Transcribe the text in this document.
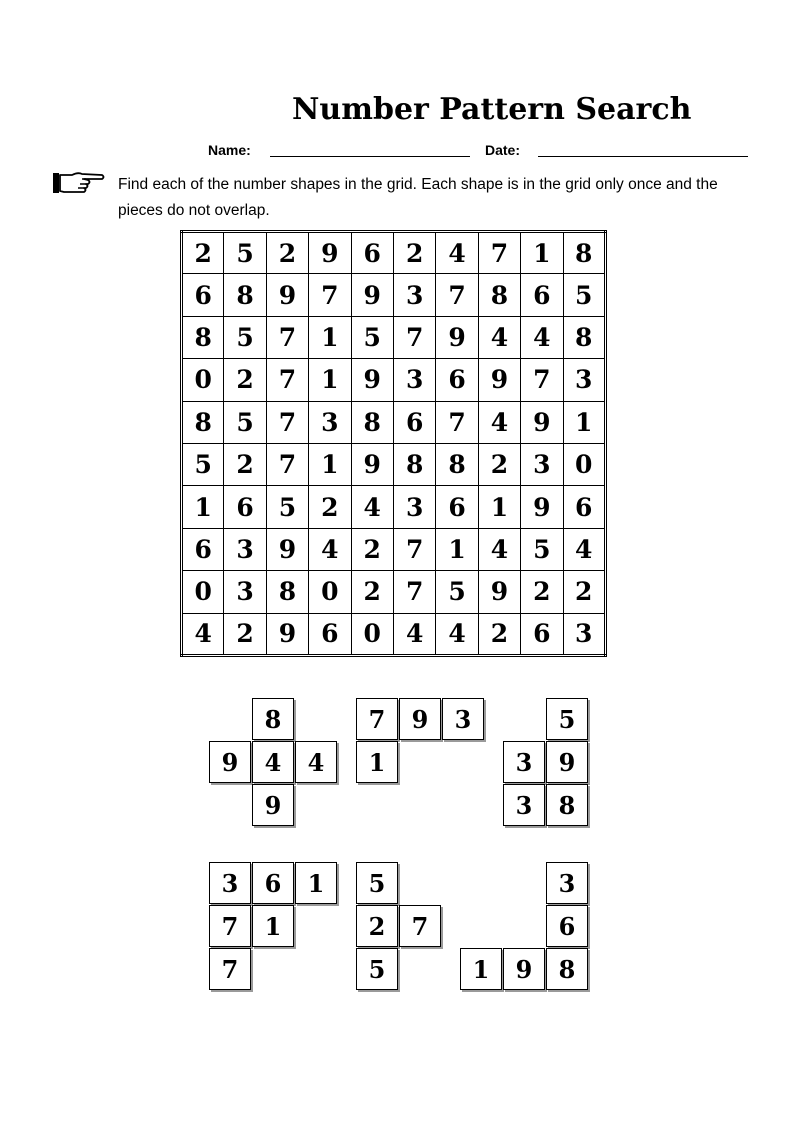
Number Pattern Search
Name:	Date:

Find each of the number shapes in the grid. Each shape is in the grid only once and the pieces do not overlap.

2	5	2	9	6	2	4	7	1	8
6	8	9	7	9	3	7	8	6	5
8	5	7	1	5	7	9	4	4	8
0	2	7	1	9	3	6	9	7	3
8	5	7	3	8	6	7	4	9	1
5	2	7	1	9	8	8	2	3	0
1	6	5	2	4	3	6	1	9	6
6	3	9	4	2	7	1	4	5	4
0	3	8	0	2	7	5	9	2	2
4	2	9	6	0	4	4	2	6	3
8
9	4	4
9
7	9	3
1
5
3	9
3	8
3	6	1
7	1
7
5
2	7
5
3
6
1	9	8
